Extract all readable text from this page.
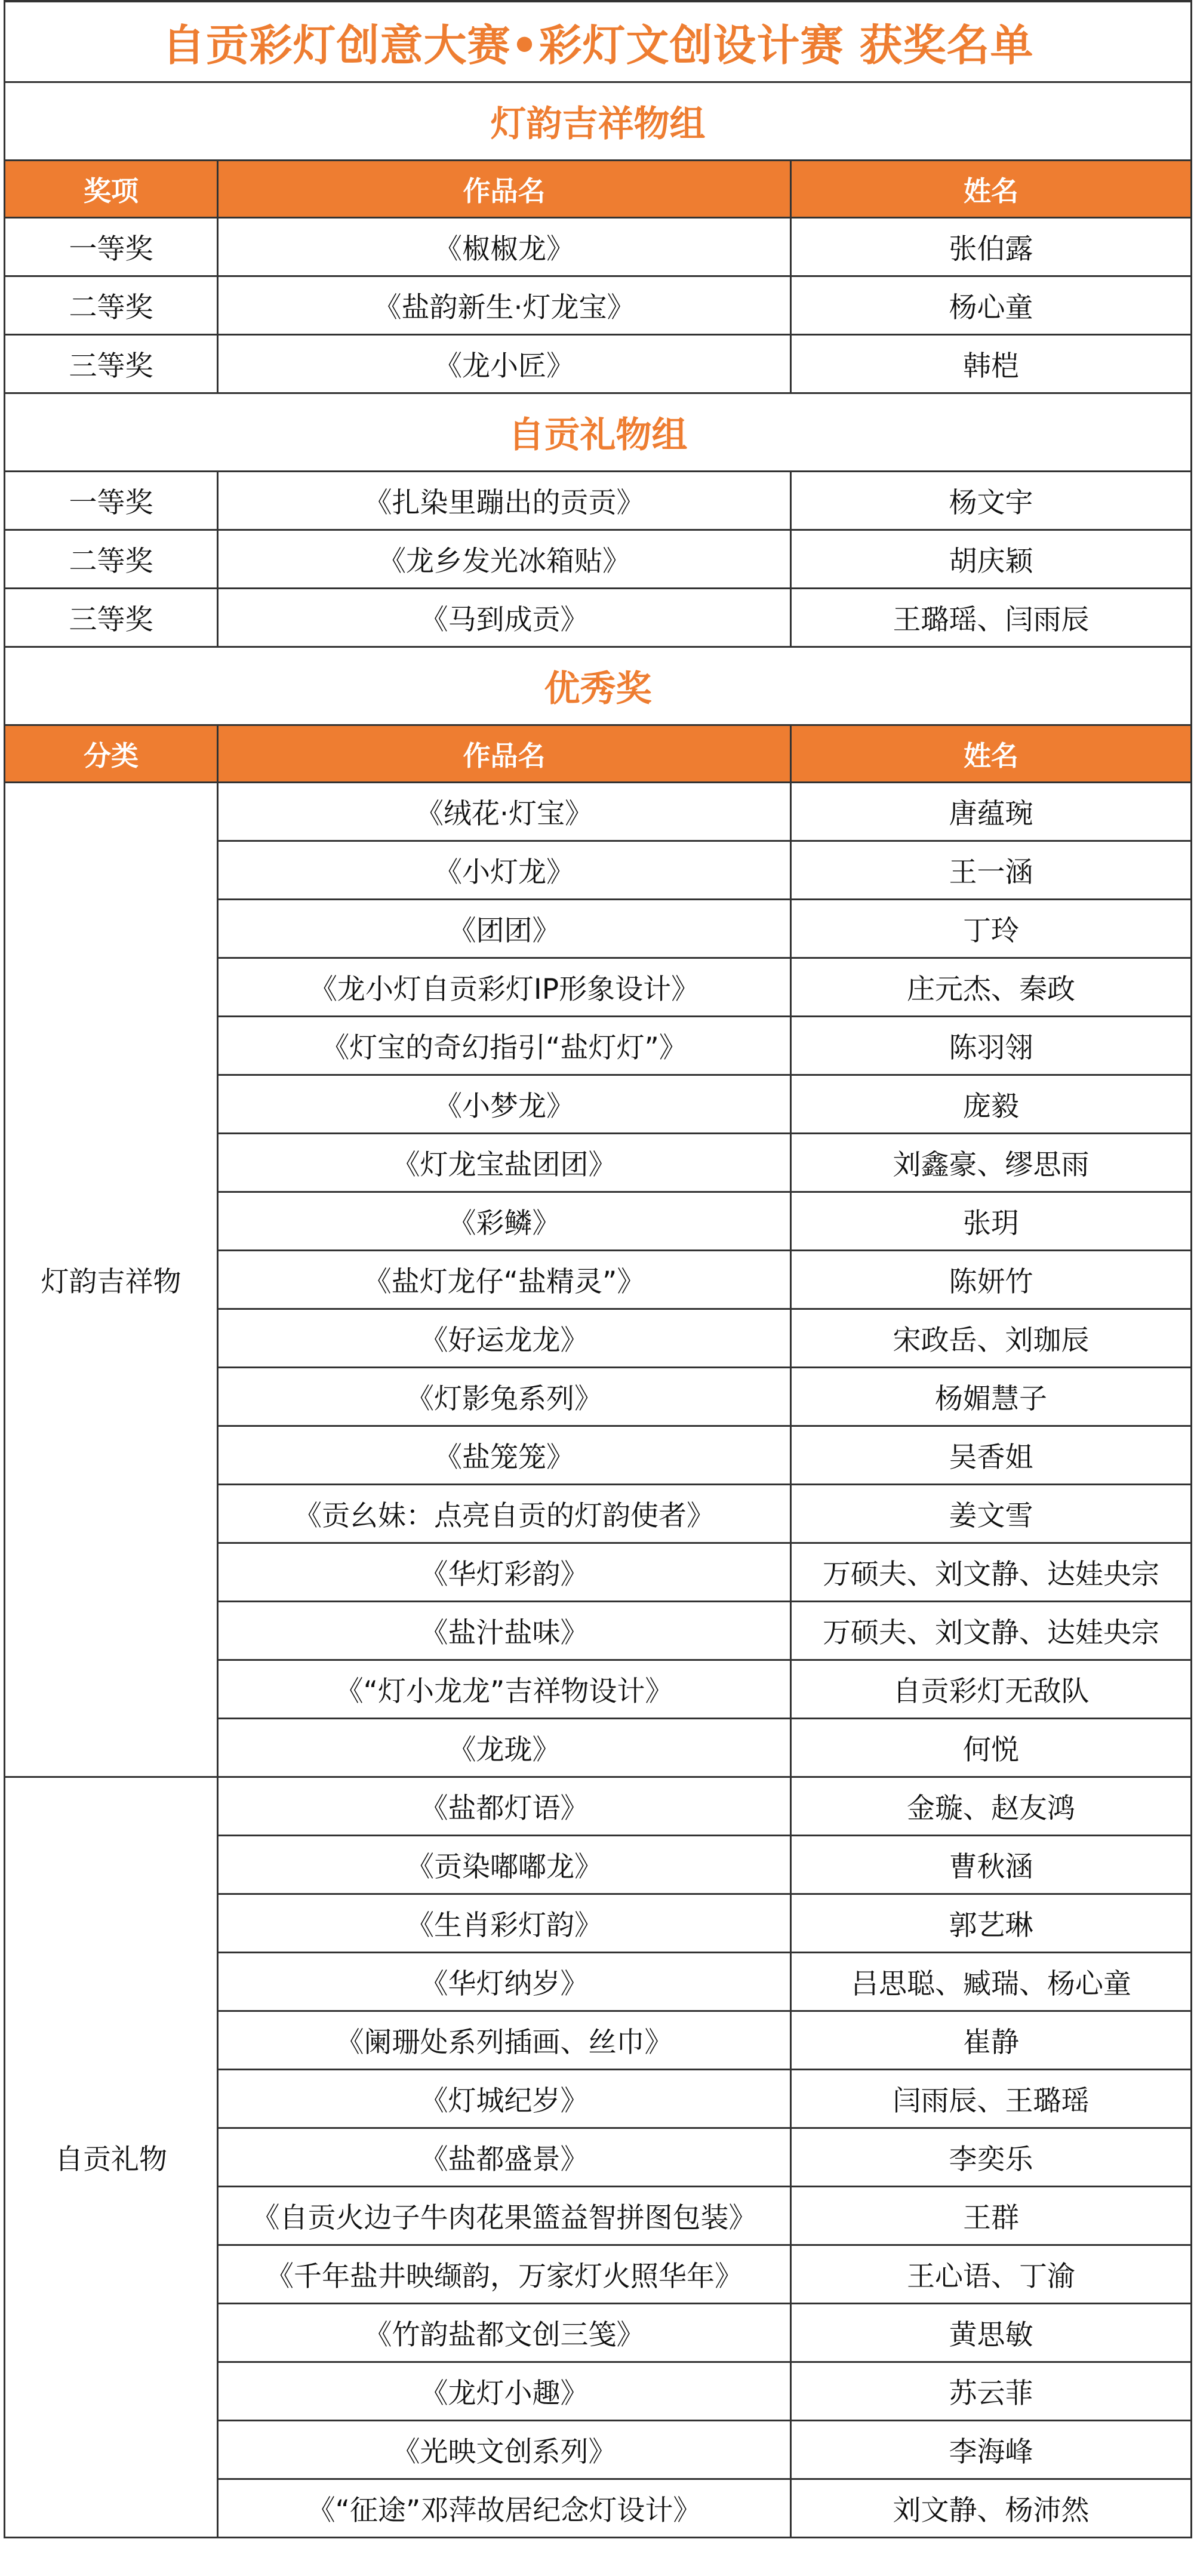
自贡彩灯创意大赛•彩灯文创设计赛 获奖名单		
灯韵吉祥物组		
奖项	作品名	姓名
一等奖	《椒椒龙》	张伯露
二等奖	《盐韵新生·灯龙宝》	杨心童
三等奖	《龙小匠》	韩桤
自贡礼物组		
一等奖	《扎染里蹦出的贡贡》	杨文宇
二等奖	《龙乡发光冰箱贴》	胡庆颖
三等奖	《马到成贡》	王璐瑶、闫雨辰
优秀奖		
分类	作品名	姓名
灯韵吉祥物	《绒花·灯宝》	唐蕴琬
	《小灯龙》	王一涵
	《团团》	丁玲
	《龙小灯自贡彩灯IP形象设计》	庄元杰、秦政
	《灯宝的奇幻指引“盐灯灯”》	陈羽翎
	《小梦龙》	庞毅
	《灯龙宝盐团团》	刘鑫豪、缪思雨
	《彩鳞》	张玥
	《盐灯龙仔“盐精灵”》	陈妍竹
	《好运龙龙》	宋政岳、刘珈辰
	《灯影兔系列》	杨媚慧子
	《盐笼笼》	吴香姐
	《贡幺妹：点亮自贡的灯韵使者》	姜文雪
	《华灯彩韵》	万硕夫、刘文静、达娃央宗
	《盐汁盐味》	万硕夫、刘文静、达娃央宗
	《“灯小龙龙”吉祥物设计》	自贡彩灯无敌队
	《龙珑》	何悦
自贡礼物	《盐都灯语》	金璇、赵友鸿
	《贡染嘟嘟龙》	曹秋涵
	《生肖彩灯韵》	郭艺琳
	《华灯纳岁》	吕思聪、臧瑞、杨心童
	《阑珊处系列插画、丝巾》	崔静
	《灯城纪岁》	闫雨辰、王璐瑶
	《盐都盛景》	李奕乐
	《自贡火边子牛肉花果篮益智拼图包装》	王群
	《千年盐井映缬韵，万家灯火照华年》	王心语、丁渝
	《竹韵盐都文创三笺》	黄思敏
	《龙灯小趣》	苏云菲
	《光映文创系列》	李海峰
	《“征途”邓萍故居纪念灯设计》	刘文静、杨沛然
